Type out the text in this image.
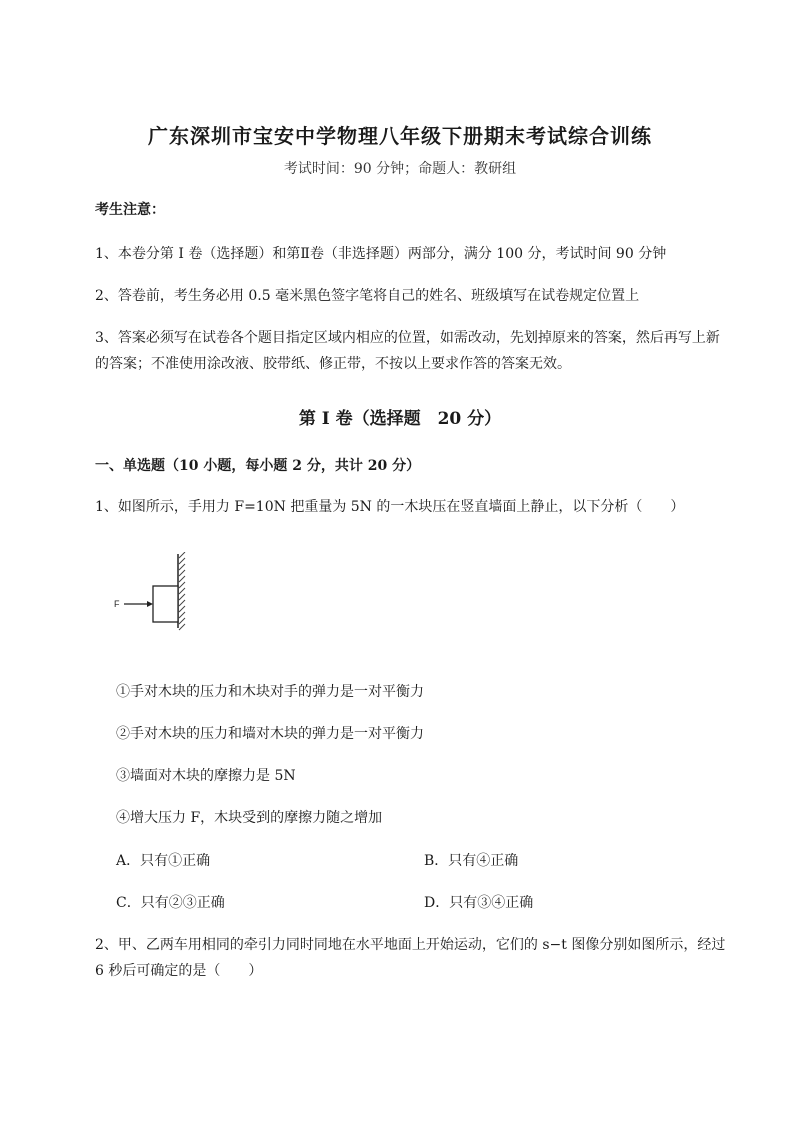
广东深圳市宝安中学物理八年级下册期末考试综合训练
考试时间：90 分钟；命题人：教研组
考生注意：
1、本卷分第 I 卷（选择题）和第Ⅱ卷（非选择题）两部分，满分 100 分，考试时间 90 分钟
2、答卷前，考生务必用 0.5 毫米黑色签字笔将自己的姓名、班级填写在试卷规定位置上
3、答案必须写在试卷各个题目指定区域内相应的位置，如需改动，先划掉原来的答案，然后再写上新
的答案；不准使用涂改液、胶带纸、修正带，不按以上要求作答的答案无效。
第 I 卷（选择题　20 分）
一、单选题（10 小题，每小题 2 分，共计 20 分）
1、如图所示，手用力 F=10N 把重量为 5N 的一木块压在竖直墙面上静止，以下分析（　　）
F
①手对木块的压力和木块对手的弹力是一对平衡力
②手对木块的压力和墙对木块的弹力是一对平衡力
③墙面对木块的摩擦力是 5N
④增大压力 F，木块受到的摩擦力随之增加
A．只有①正确	B．只有④正确
C．只有②③正确	D．只有③④正确
2、甲、乙两车用相同的牵引力同时同地在水平地面上开始运动，它们的 s−t 图像分别如图所示，经过
6 秒后可确定的是（　　）
